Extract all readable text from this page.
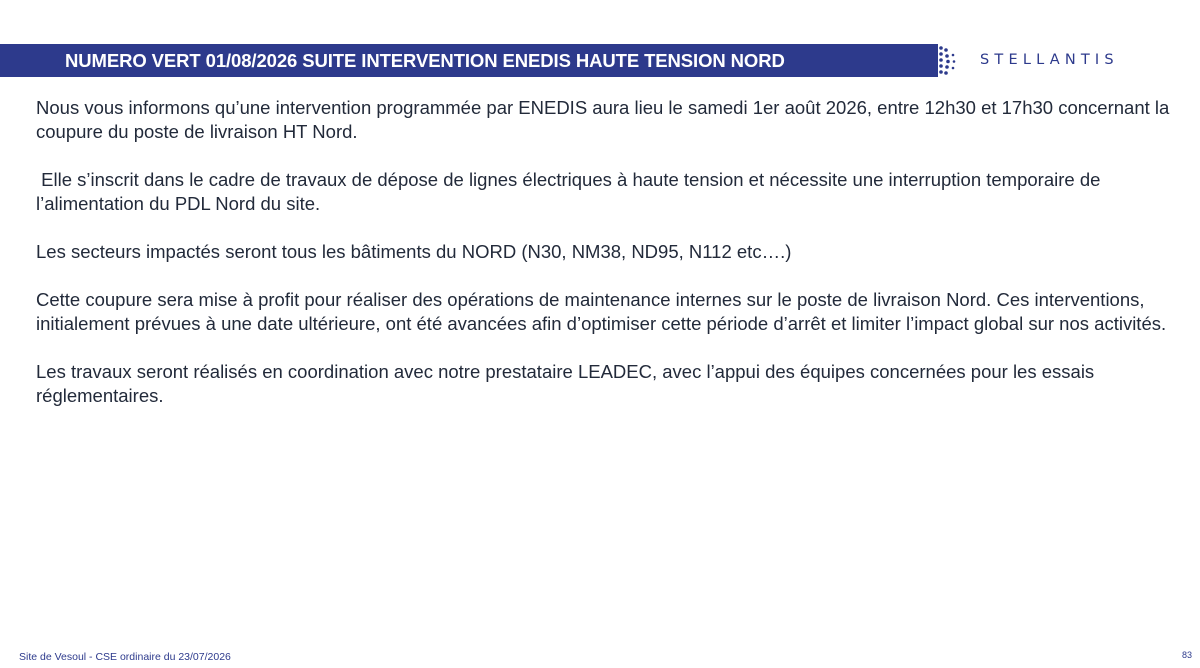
NUMERO VERT 01/08/2026 SUITE INTERVENTION ENEDIS HAUTE TENSION NORD	STELLANTIS

Nous vous informons qu’une intervention programmée par ENEDIS aura lieu le samedi 1er août 2026, entre 12h30 et 17h30 concernant la coupure du poste de livraison HT Nord.

Elle s’inscrit dans le cadre de travaux de dépose de lignes électriques à haute tension et nécessite une interruption temporaire de l’alimentation du PDL Nord du site.

Les secteurs impactés seront tous les bâtiments du NORD (N30, NM38, ND95, N112 etc….)

Cette coupure sera mise à profit pour réaliser des opérations de maintenance internes sur le poste de livraison Nord. Ces interventions, initialement prévues à une date ultérieure, ont été avancées afin d’optimiser cette période d’arrêt et limiter l’impact global sur nos activités.

Les travaux seront réalisés en coordination avec notre prestataire LEADEC, avec l’appui des équipes concernées pour les essais réglementaires.

Site de Vesoul - CSE ordinaire du 23/07/2026	83
